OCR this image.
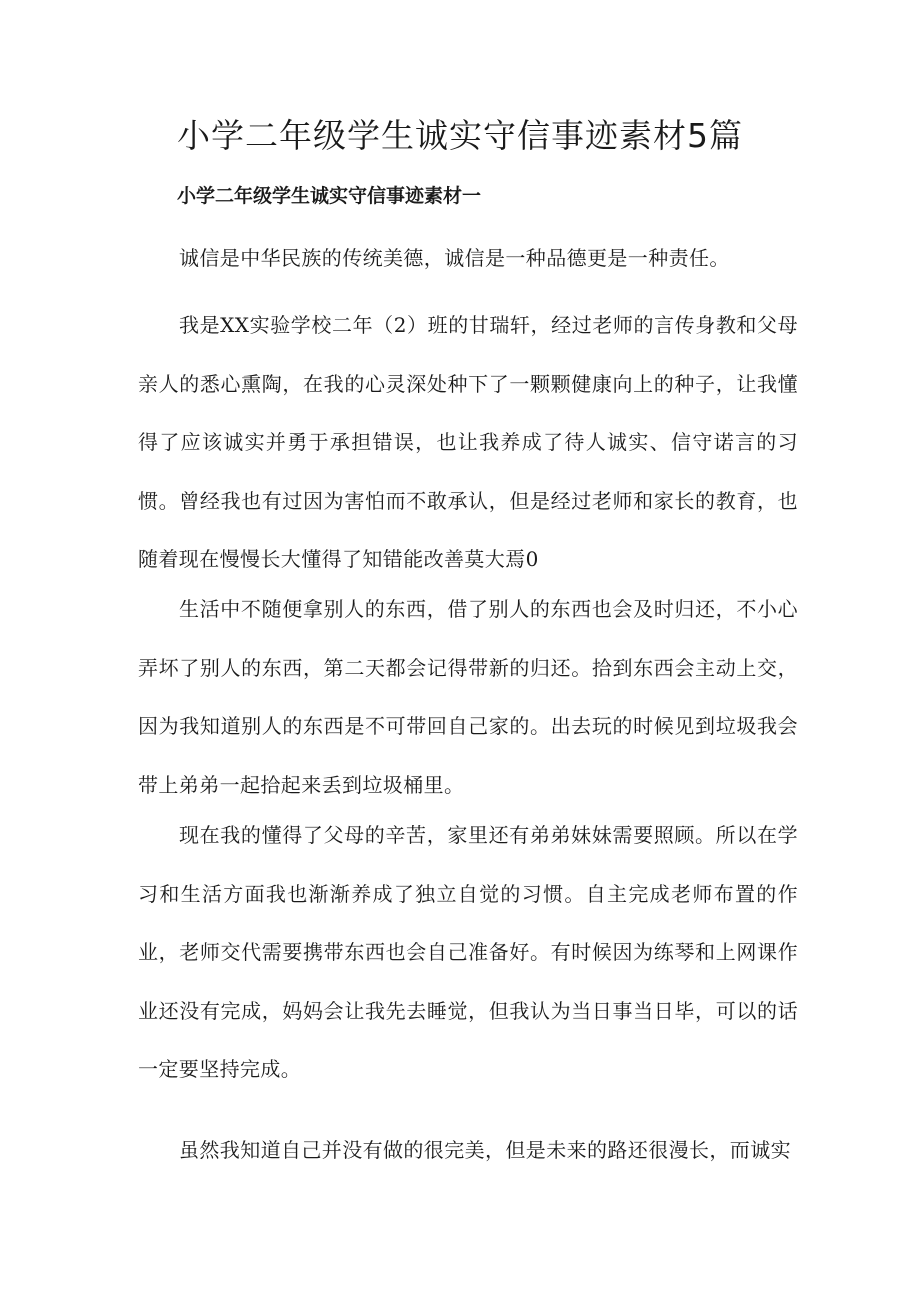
小学二年级学生诚实守信事迹素材5篇
小学二年级学生诚实守信事迹素材一

诚信是中华民族的传统美德，诚信是一种品德更是一种责任。

我是XX实验学校二年（2）班的甘瑞轩，经过老师的言传身教和父母亲人的悉心熏陶，在我的心灵深处种下了一颗颗健康向上的种子，让我懂得了应该诚实并勇于承担错误，也让我养成了待人诚实、信守诺言的习惯。曾经我也有过因为害怕而不敢承认，但是经过老师和家长的教育，也随着现在慢慢长大懂得了知错能改善莫大焉0

生活中不随便拿别人的东西，借了别人的东西也会及时归还，不小心弄坏了别人的东西，第二天都会记得带新的归还。拾到东西会主动上交，因为我知道别人的东西是不可带回自己家的。出去玩的时候见到垃圾我会带上弟弟一起拾起来丢到垃圾桶里。

现在我的懂得了父母的辛苦，家里还有弟弟妹妹需要照顾。所以在学习和生活方面我也渐渐养成了独立自觉的习惯。自主完成老师布置的作业，老师交代需要携带东西也会自己准备好。有时候因为练琴和上网课作业还没有完成，妈妈会让我先去睡觉，但我认为当日事当日毕，可以的话一定要坚持完成。

虽然我知道自己并没有做的很完美，但是未来的路还很漫长，而诚实
